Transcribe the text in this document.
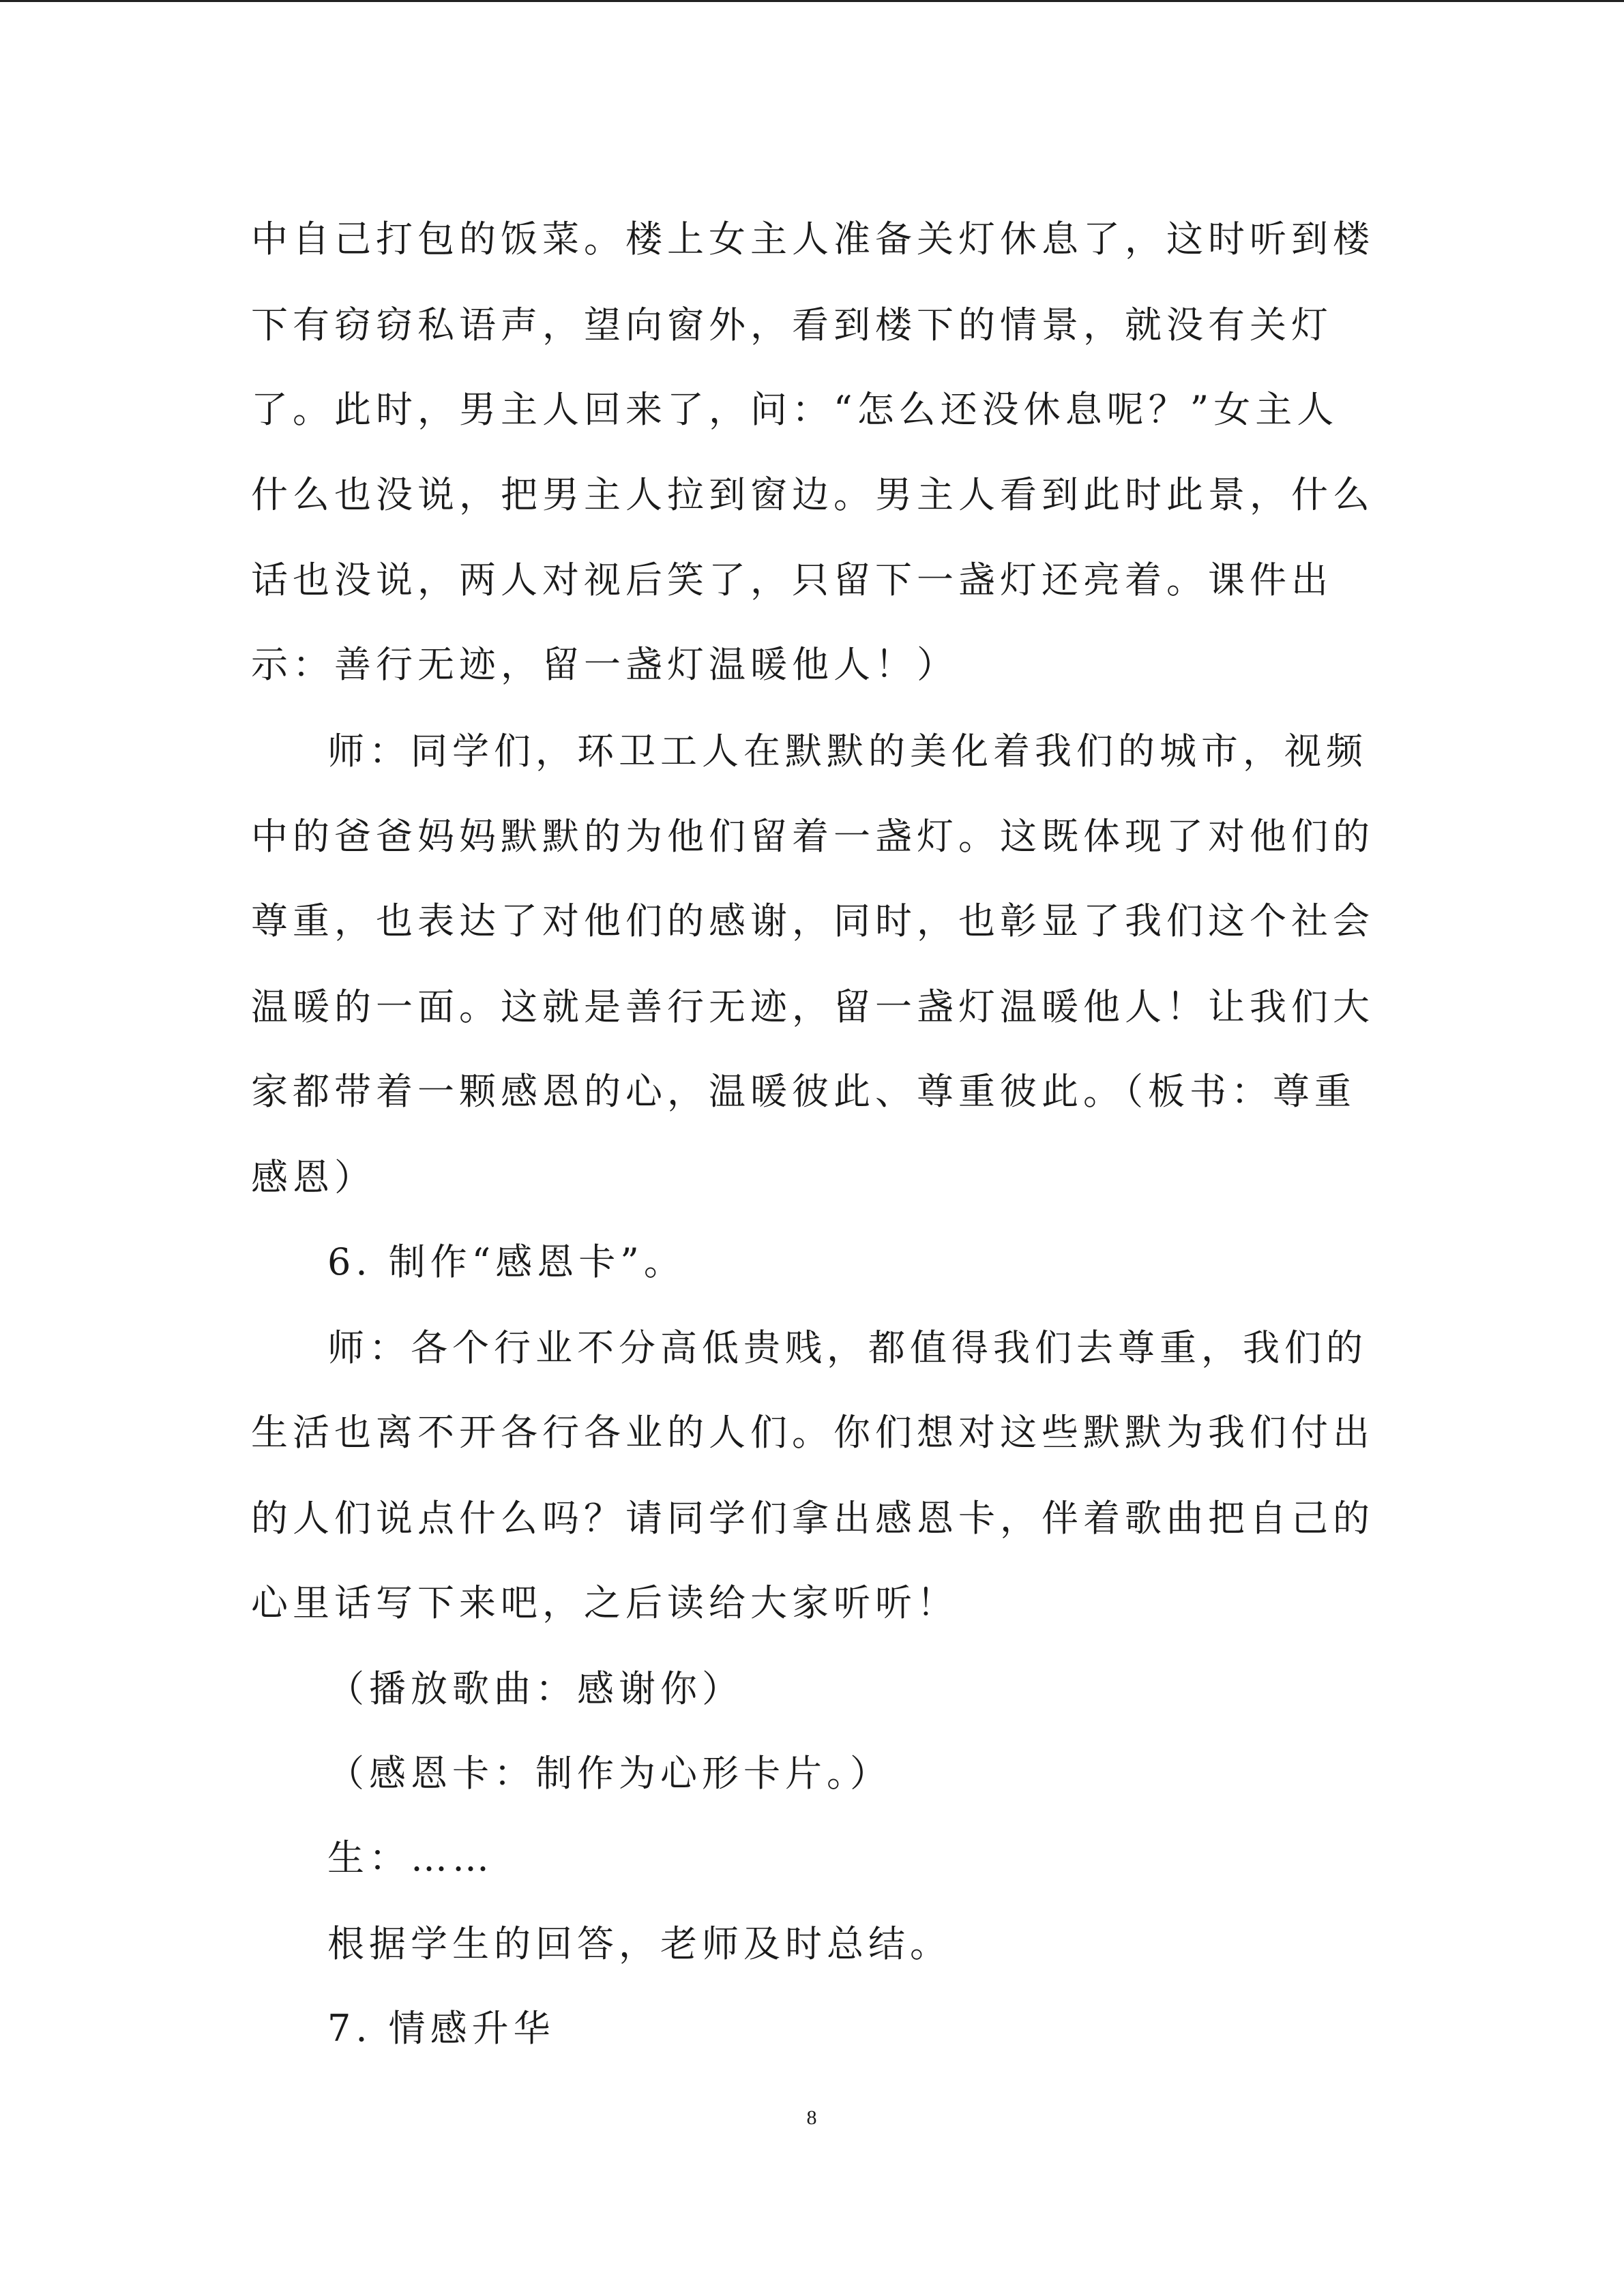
中自己打包的饭菜。楼上女主人准备关灯休息了，这时听到楼
下有窃窃私语声，望向窗外，看到楼下的情景，就没有关灯
了。此时，男主人回来了，问：“怎么还没休息呢？”女主人
什么也没说，把男主人拉到窗边。男主人看到此时此景，什么
话也没说，两人对视后笑了，只留下一盏灯还亮着。课件出
示：善行无迹，留一盏灯温暖他人！）
师：同学们，环卫工人在默默的美化着我们的城市，视频
中的爸爸妈妈默默的为他们留着一盏灯。这既体现了对他们的
尊重，也表达了对他们的感谢，同时，也彰显了我们这个社会
温暖的一面。这就是善行无迹，留一盏灯温暖他人！让我们大
家都带着一颗感恩的心，温暖彼此、尊重彼此。（板书：尊重
感恩）
6. 制作“感恩卡”。
师：各个行业不分高低贵贱，都值得我们去尊重，我们的
生活也离不开各行各业的人们。你们想对这些默默为我们付出
的人们说点什么吗？请同学们拿出感恩卡，伴着歌曲把自己的
心里话写下来吧，之后读给大家听听！
（播放歌曲：感谢你）
（感恩卡：制作为心形卡片。）
生：……
根据学生的回答，老师及时总结。
7. 情感升华
8
